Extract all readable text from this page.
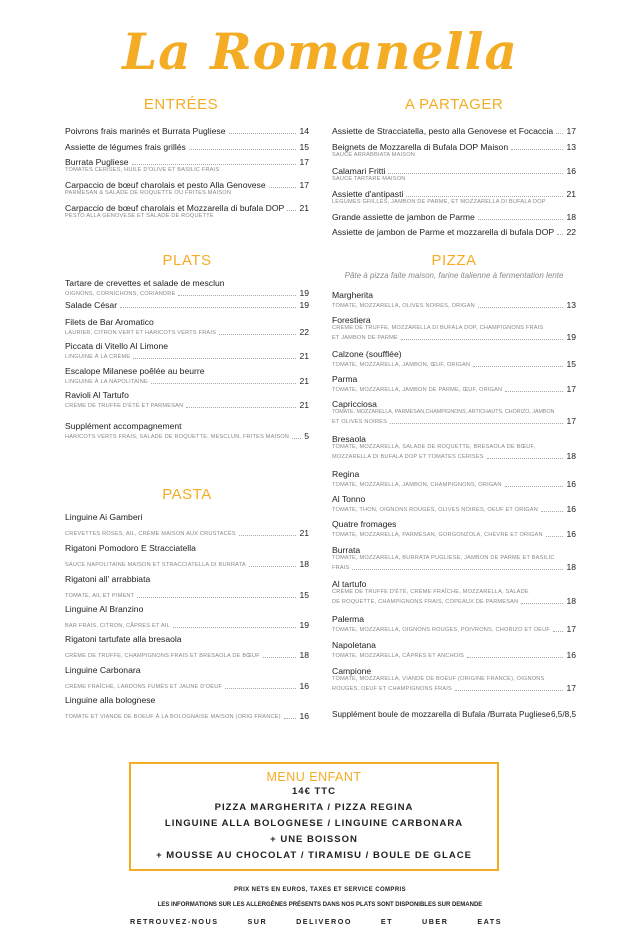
La Romanella
ENTRÉES
Poivrons frais marinés et Burrata Pugliese	14
Assiette de légumes frais grillés	15
Burrata Pugliese	17
TOMATES CERISES, HUILE D'OLIVE ET BASILIC FRAIS
Carpaccio de bœuf charolais et pesto Alla Genovese	17
PARMESAN & SALADE DE ROQUETTE OU FRITES MAISON
Carpaccio de bœuf charolais et Mozzarella di bufala DOP 21
PESTO ALLA GENOVESE ET SALADE DE ROQUETTE
A PARTAGER
Assiette de Stracciatella, pesto alla Genovese et Focaccia 17
Beignets de Mozzarella di Bufala DOP Maison	13
SAUCE ARRABBIATA MAISON
Calamari Fritti	16
SAUCE TARTARE MAISON
Assiette d'antipasti	21
LEGUMES GRILLÉS, JAMBON DE PARME, ET MOZZARELLA DI BUFALA DOP
Grande assiette de jambon de Parme	18
Assiette de jambon de Parme et mozzarella di bufala DOP 22
PLATS
Tartare de crevettes et salade de mesclun
OIGNONS, CORNICHONS, CORIANDRE	19
Salade César	19
Filets de Bar Aromatico
LAURIER, CITRON VERT ET HARICOTS VERTS FRAIS	22
Piccata di Vitello Al Limone
LINGUINE À LA CRÈME	21
Escalope Milanese poêlée au beurre
LINGUINE À LA NAPOLITAINE	21
Ravioli Al Tartufo
CRÈME DE TRUFFE D'ÉTÉ ET PARMESAN	21
Supplément accompagnement
HARICOTS VERTS FRAIS, SALADE DE ROQUETTE, MESCLUN, FRITES MAISON 5
PASTA
Linguine Ai Gamberi
CREVETTES ROSES, AIL, CRÈME MAISON AUX CRUSTACÉS	21
Rigatoni Pomodoro E Stracciatella
SAUCE NAPOLITAINE MAISON ET STRACCIATELLA DI BURRATA	18
Rigatoni all' arrabbiata
TOMATE, AIL ET PIMENT	15
Linguine Al Branzino
BAR FRAIS, CITRON, CÂPRES ET AIL	19
Rigatoni tartufate alla bresaola
CRÈME DE TRUFFE, CHAMPIGNONS FRAIS ET BRESAOLA DE BŒUF	18
Linguine Carbonara
CRÈME FRAÎCHE, LARDONS FUMÉS ET JAUNE D'OEUF	16
Linguine alla bolognese
TOMATE ET VIANDE DE BOEUF À LA BOLOGNAISE MAISON (ORIG FRANCE) 16
PIZZA
Pâte à pizza faite maison, farine italienne à fermentation lente
Margherita
TOMATE, MOZZARELLA, OLIVES NOIRES, ORIGAN	13
Forestiera
CRÈME DE TRUFFE, MOZZARELLA DI BUFALA DOP, CHAMPIGNONS FRAIS
ET JAMBON DE PARME	19
Calzone (soufflée)
TOMATE, MOZZARELLA, JAMBON, ŒUF, ORIGAN	15
Parma
TOMATE, MOZZARELLA, JAMBON DE PARME, ŒUF, ORIGAN	17
Capricciosa
TOMATE, MOZZARELLA, PARMESAN,CHAMPIGNONS, ARTICHAUTS, CHORIZO, JAMBON
ET OLIVES NOIRES	17
Bresaola
TOMATE, MOZZARELLA, SALADE DE ROQUETTE, BRESAOLA DE BŒUF,
MOZZARELLA DI BUFALA DOP ET TOMATES CERISES	18
Regina
TOMATE, MOZZARELLA, JAMBON, CHAMPIGNONS, ORIGAN	16
Al Tonno
TOMATE, THON, OIGNONS ROUGES, OLIVES NOIRES, OEUF ET ORIGAN	16
Quatre fromages
TOMATE, MOZZARELLA, PARMESAN, GORGONZOLA, CHÈVRE ET ORIGAN	16
Burrata
TOMATE, MOZZARELLA, BURRATA PUGLIESE, JAMBON DE PARME ET BASILIC
FRAIS	18
Al tartufo
CRÈME DE TRUFFE D'ÉTÉ, CRÈME FRAÎCHE, MOZZARELLA, SALADE
DE ROQUETTE, CHAMPIGNONS FRAIS, COPEAUX DE PARMESAN	18
Palerma
TOMATE, MOZZARELLA, OIGNONS ROUGES, POIVRONS, CHORIZO ET OEUF 17
Napoletana
TOMATE, MOZZARELLA, CÂPRES ET ANCHOIS	16
Campione
TOMATE, MOZZARELLA, VIANDE DE BOEUF (ORIGINE FRANCE), OIGNONS
ROUGES, OEUF ET CHAMPIGNONS FRAIS	17
Supplément boule de mozzarella di Bufala /Burrata Pugliese 6,5/8,5
MENU ENFANT
14€ TTC
PIZZA MARGHERITA / PIZZA REGINA
LINGUINE ALLA BOLOGNESE / LINGUINE CARBONARA
+ UNE BOISSON
+ MOUSSE AU CHOCOLAT / TIRAMISU / BOULE DE GLACE
PRIX NETS EN EUROS, TAXES ET SERVICE COMPRIS
LES INFORMATIONS SUR LES ALLERGÈNES PRÉSENTS DANS NOS PLATS SONT DISPONIBLES SUR DEMANDE
RETROUVEZ-NOUS	SUR	DELIVEROO	ET	UBER	EATS
